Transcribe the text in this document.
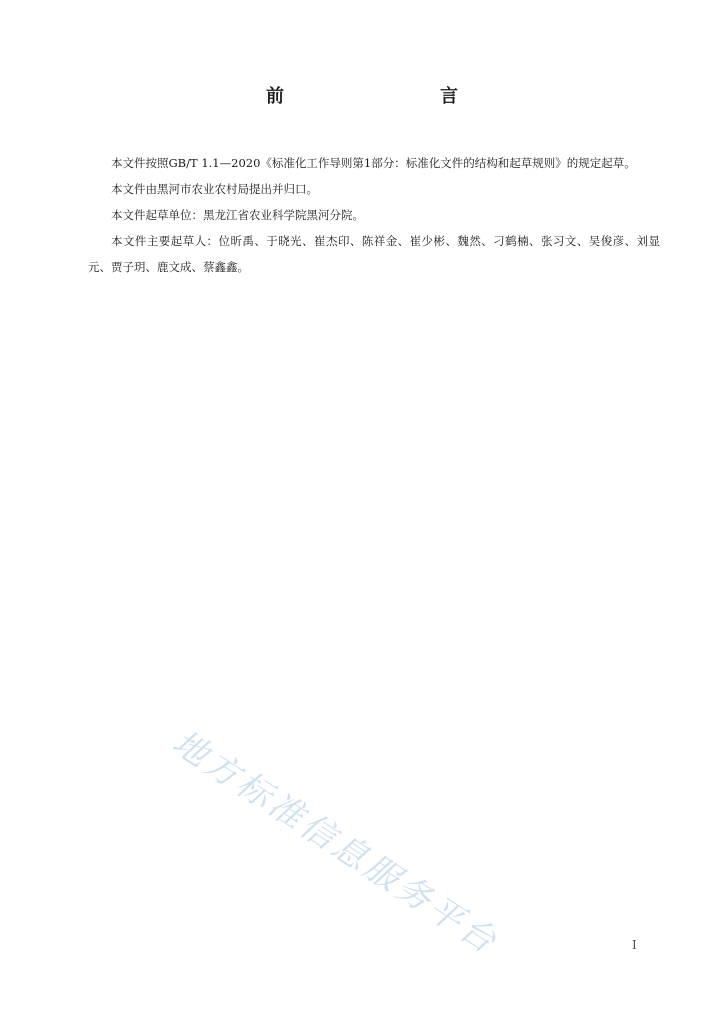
前　　言

本文件按照GB/T 1.1—2020《标准化工作导则第1部分：标准化文件的结构和起草规则》的规定起草。

本文件由黑河市农业农村局提出并归口。

本文件起草单位：黑龙江省农业科学院黑河分院。

本文件主要起草人：位昕禹、于晓光、崔杰印、陈祥金、崔少彬、魏然、刁鹤楠、张习文、吴俊彦、刘显元、贾子玥、鹿文成、蔡鑫鑫。

地方标准信息服务平台	I
